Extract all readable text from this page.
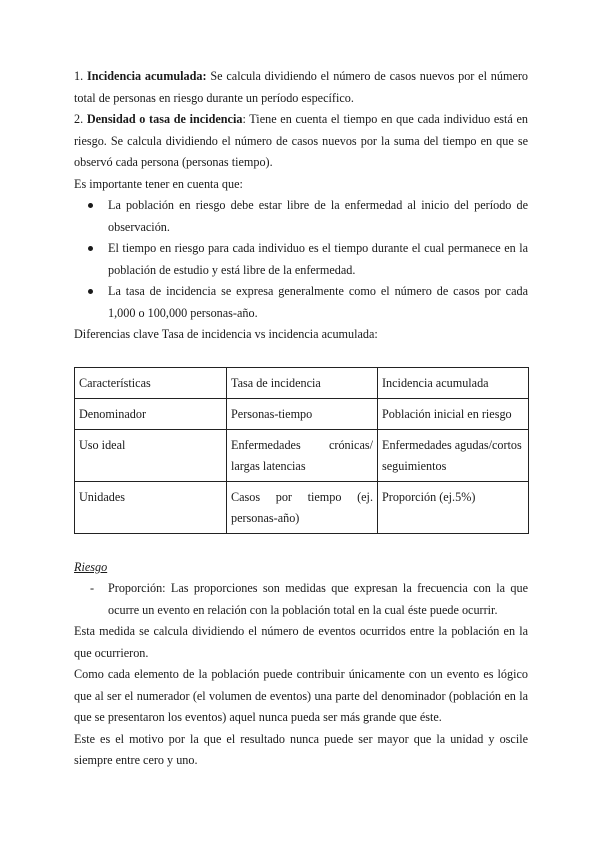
1. Incidencia acumulada: Se calcula dividiendo el número de casos nuevos por el número total de personas en riesgo durante un período específico.

2. Densidad o tasa de incidencia: Tiene en cuenta el tiempo en que cada individuo está en riesgo. Se calcula dividiendo el número de casos nuevos por la suma del tiempo en que se observó cada persona (personas tiempo).

Es importante tener en cuenta que:

La población en riesgo debe estar libre de la enfermedad al inicio del período de observación.
El tiempo en riesgo para cada individuo es el tiempo durante el cual permanece en la población de estudio y está libre de la enfermedad.
La tasa de incidencia se expresa generalmente como el número de casos por cada 1,000 o 100,000 personas-año.

Diferencias clave Tasa de incidencia vs incidencia acumulada:

Características	Tasa de incidencia	Incidencia acumulada
Denominador	Personas-tiempo	Población inicial en riesgo
Uso ideal	Enfermedades crónicas/ largas latencias	Enfermedades agudas/cortos seguimientos
Unidades	Casos por tiempo (ej. personas-año)	Proporción (ej.5%)

Riesgo

- Proporción: Las proporciones son medidas que expresan la frecuencia con la que ocurre un evento en relación con la población total en la cual éste puede ocurrir.

Esta medida se calcula dividiendo el número de eventos ocurridos entre la población en la que ocurrieron.

Como cada elemento de la población puede contribuir únicamente con un evento es lógico que al ser el numerador (el volumen de eventos) una parte del denominador (población en la que se presentaron los eventos) aquel nunca pueda ser más grande que éste.

Este es el motivo por la que el resultado nunca puede ser mayor que la unidad y oscile siempre entre cero y uno.
